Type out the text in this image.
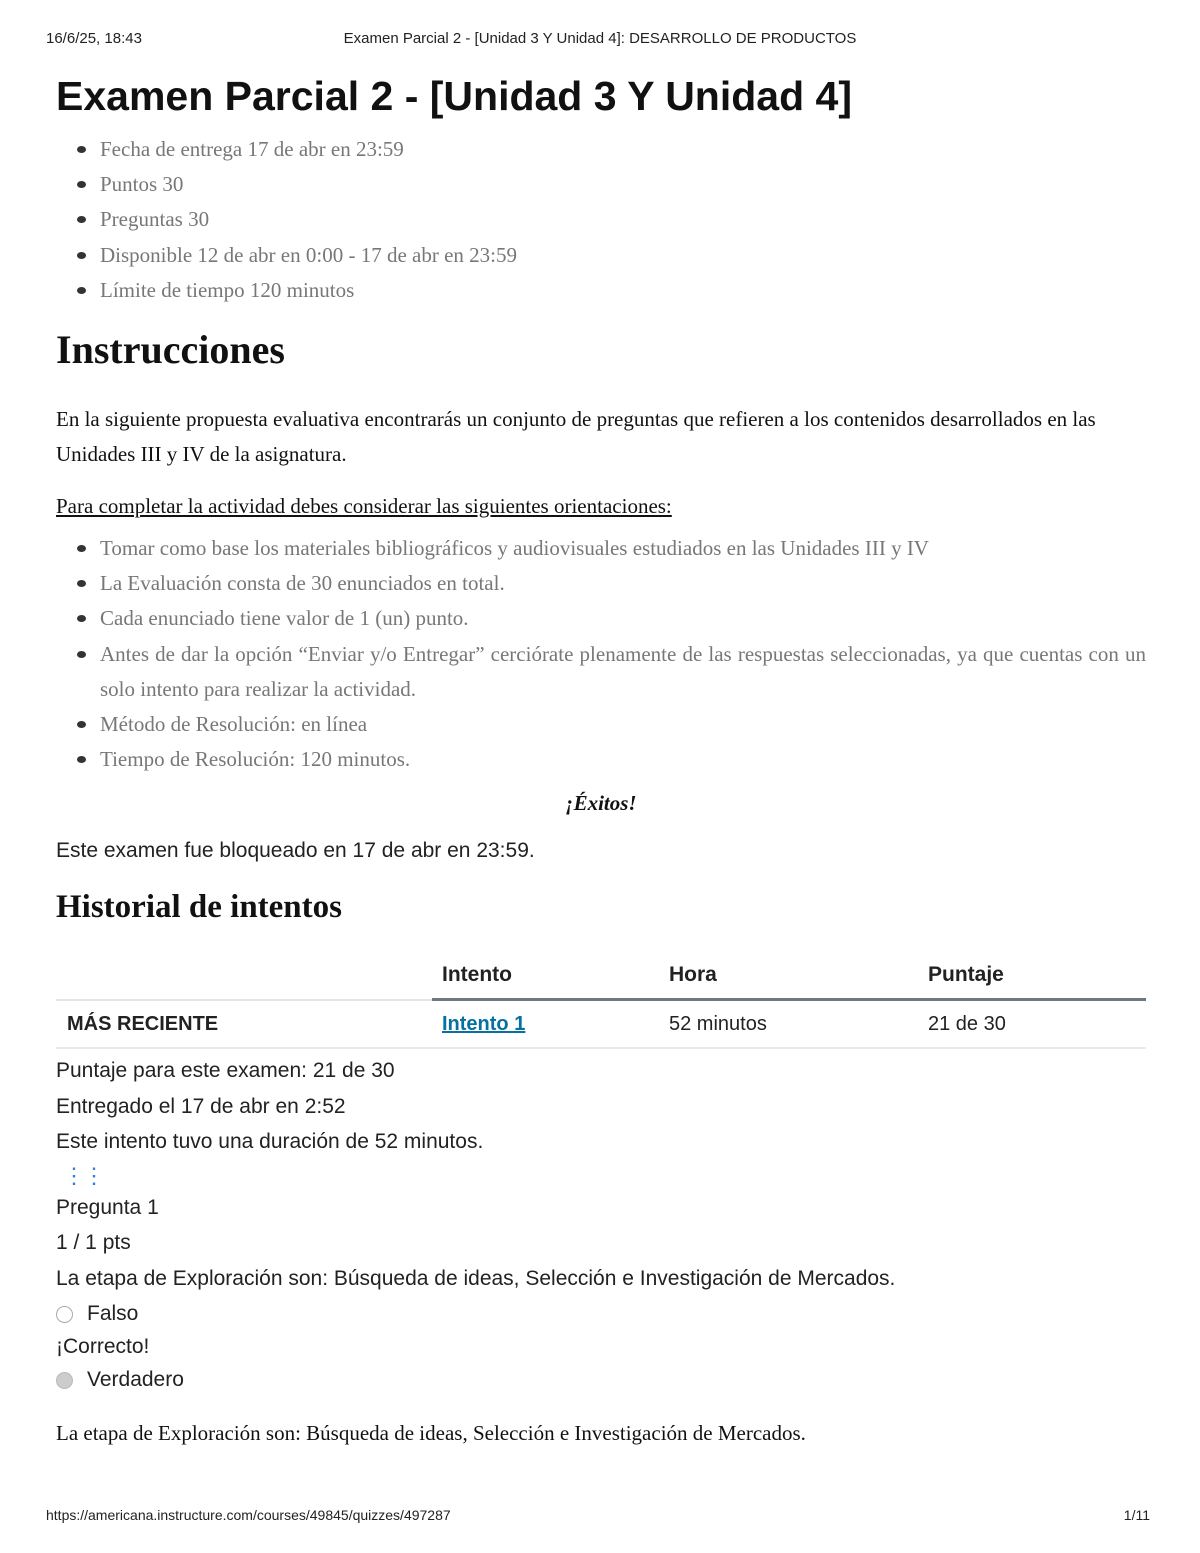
16/6/25, 18:43	Examen Parcial 2 - [Unidad 3 Y Unidad 4]: DESARROLLO DE PRODUCTOS
Examen Parcial 2 - [Unidad 3 Y Unidad 4]
Fecha de entrega 17 de abr en 23:59
Puntos 30
Preguntas 30
Disponible 12 de abr en 0:00 - 17 de abr en 23:59
Límite de tiempo 120 minutos
Instrucciones

En la siguiente propuesta evaluativa encontrarás un conjunto de preguntas que refieren a los contenidos desarrollados en las Unidades III y IV de la asignatura.

Para completar la actividad debes considerar las siguientes orientaciones:

Tomar como base los materiales bibliográficos y audiovisuales estudiados en las Unidades III y IV
La Evaluación consta de 30 enunciados en total.
Cada enunciado tiene valor de 1 (un) punto.
Antes de dar la opción “Enviar y/o Entregar” cerciórate plenamente de las respuestas seleccionadas, ya que cuentas con un solo intento para realizar la actividad.
Método de Resolución: en línea
Tiempo de Resolución: 120 minutos.

¡Éxitos!

Este examen fue bloqueado en 17 de abr en 23:59.

Historial de intentos
	Intento	Hora	Puntaje
MÁS RECIENTE	Intento 1	52 minutos	21 de 30
Puntaje para este examen: 21 de 30
Entregado el 17 de abr en 2:52
Este intento tuvo una duración de 52 minutos.
⋮⋮
Pregunta 1
1 / 1 pts
La etapa de Exploración son: Búsqueda de ideas, Selección e Investigación de Mercados.
Falso
¡Correcto!
Verdadero

La etapa de Exploración son: Búsqueda de ideas, Selección e Investigación de Mercados.

https://americana.instructure.com/courses/49845/quizzes/497287	1/11
